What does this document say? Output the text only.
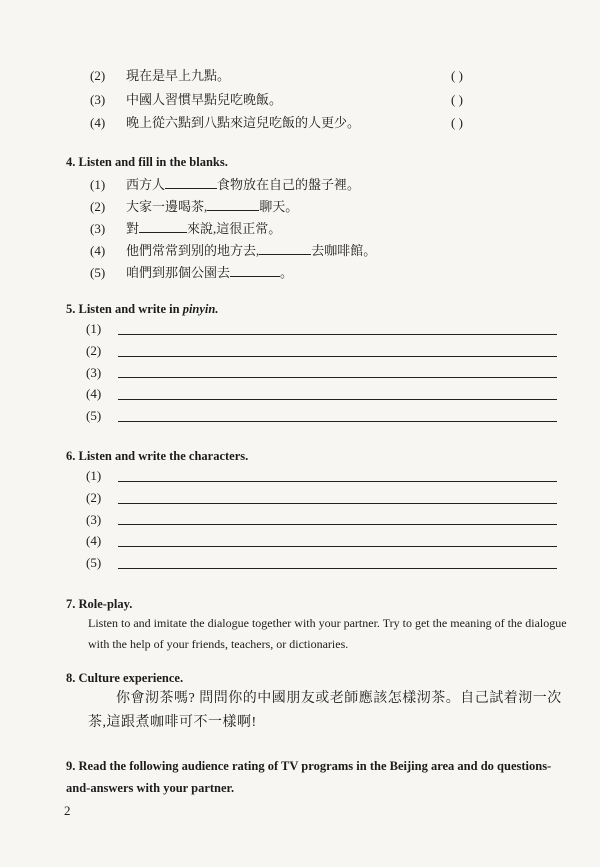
(2) 現在是早上九點。	( )
(3) 中國人習慣早點兒吃晚飯。	( )
(4) 晚上從六點到八點來這兒吃飯的人更少。	( )
4. Listen and fill in the blanks.
(1) 西方人	食物放在自己的盤子裡。
(2) 大家一邊喝茶,	聊天。
(3) 對	來說,這很正常。
(4) 他們常常到别的地方去,	去咖啡館。
(5) 咱們到那個公園去	。
5. Listen and write in pinyin.
(1)
(2)
(3)
(4)
(5)
6. Listen and write the characters.
(1)
(2)
(3)
(4)
(5)
7. Role-play.
Listen to and imitate the dialogue together with your partner. Try to get the meaning of the dialogue with the help of your friends, teachers, or dictionaries.
8. Culture experience.
你會沏茶嗎? 問問你的中國朋友或老師應該怎樣沏茶。自己試着沏一次茶,這跟煮咖啡可不一樣啊!
9. Read the following audience rating of TV programs in the Beijing area and do questions-and-answers with your partner.
2
